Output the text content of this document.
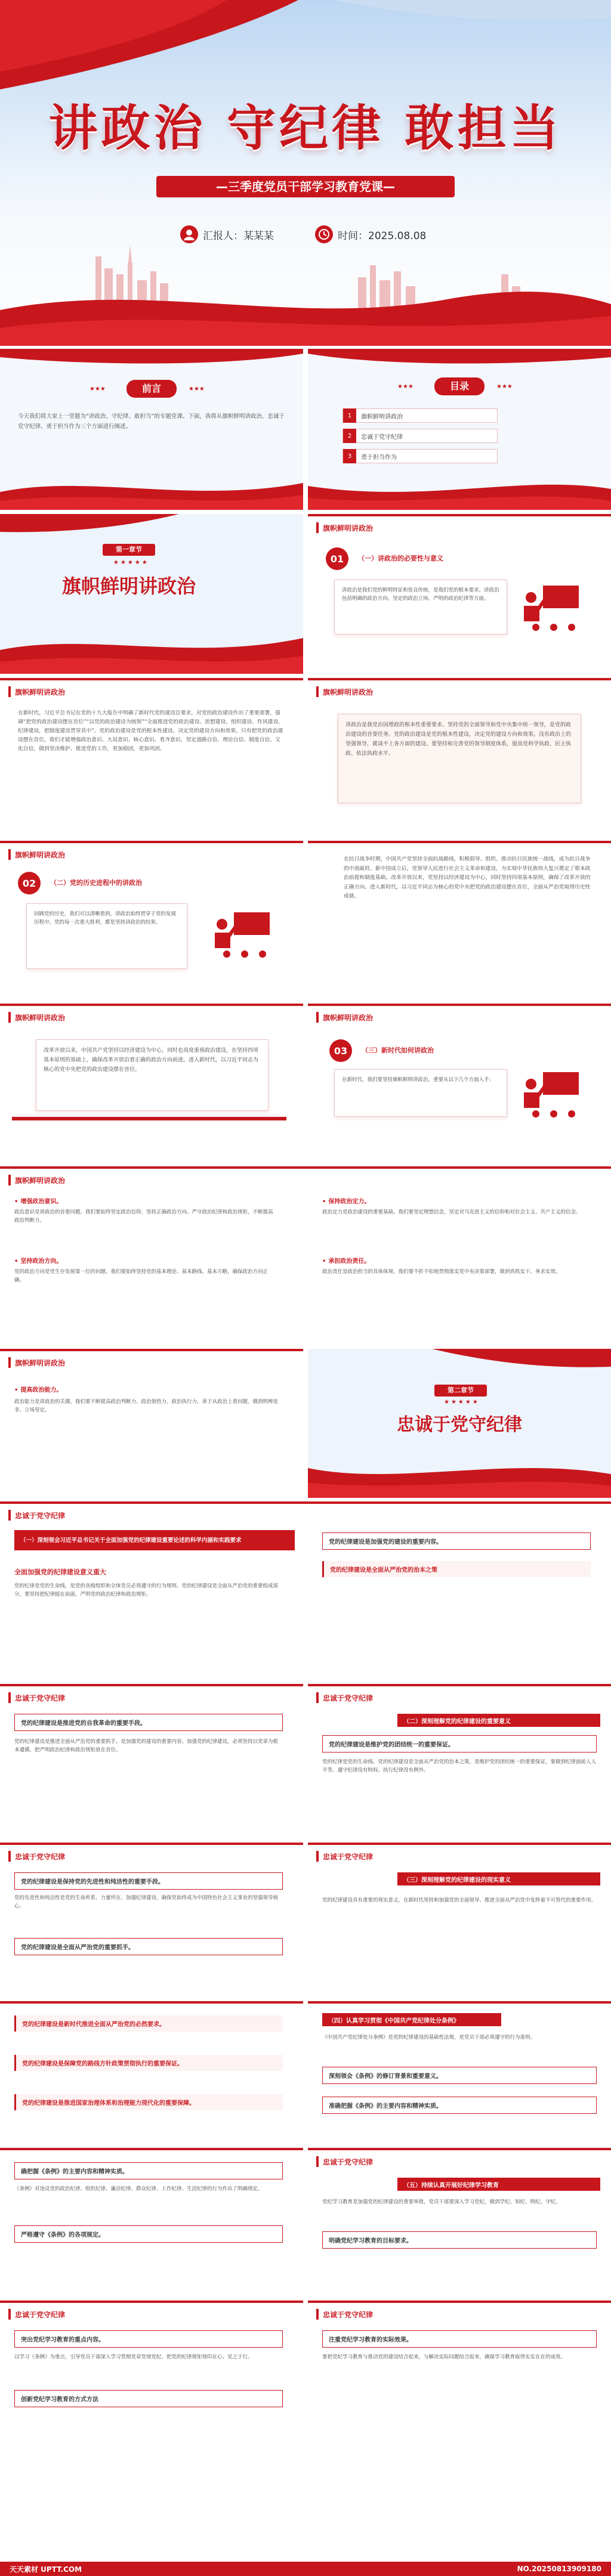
讲政治 守纪律 敢担当
—三季度党员干部学习教育党课—
汇报人：某某某	时间：2025.08.08
★★★	前言	★★★
今天我们将大家上一堂题为“讲政治、守纪律、敢担当”的专题党课。下面，我将从旗帜鲜明讲政治、忠诚于党守纪律、勇于担当作为三个方面进行阐述。
★★★	目录	★★★
1	旗帜鲜明讲政治
2	忠诚于党守纪律
3	勇于担当作为
第一章节
★★★★★
旗帜鲜明讲政治
旗帜鲜明讲政治
01	（一）讲政治的必要性与意义
讲政治是我们党的鲜明特征和优良传统，是我们党的根本要求。讲政治包括明确的政治方向、坚定的政治立场、严明的政治纪律等方面。
旗帜鲜明讲政治
在新时代，习近平总书记在党的十九大报告中明确了新时代党的建设总要求，对党的政治建设作出了重要部署，强调“把党的政治建设摆在首位”“以党的政治建设为统领”“全面推进党的政治建设、思想建设、组织建设、作风建设、纪律建设，把制度建设贯穿其中”。党的政治建设是党的根本性建设，决定党的建设方向和效果。只有把党的政治建设摆在首位，我们才能增强政治意识、大局意识、核心意识、看齐意识，坚定道路自信、理论自信、制度自信、文化自信，做到坚决维护、推进党的工作，更加稳固，更加巩固。
旗帜鲜明讲政治
讲政治是我党治国理政的根本性重要要求。坚持党的全面领导和党中央集中统一领导，是党的政治建设的首要任务。党的政治建设是党的根本性建设，决定党的建设方向和效果。没有政治上的坚强领导，就谈不上各方面的建设。要坚持和完善党的领导制度体系，提高党科学执政、民主执政、依法执政水平。
旗帜鲜明讲政治
02	（二）党的历史进程中的讲政治
回顾党的历史，我们可以清晰看到，讲政治始终贯穿于党的发展历程中。党的每一次重大胜利，都是坚持讲政治的结果。
在抗日战争时期，中国共产党坚持全面抗战路线，积极倡导、组织、推动抗日民族统一战线，成为抗日战争的中流砥柱。新中国成立后，党领导人民进行社会主义革命和建设，为实现中华民族伟大复兴奠定了根本政治前提和制度基础。改革开放以来，党坚持以经济建设为中心，同时坚持四项基本原则，确保了改革开放的正确方向。进入新时代，以习近平同志为核心的党中央把党的政治建设摆在首位，全面从严治党取得历史性成就。
旗帜鲜明讲政治
改革开放以来，中国共产党坚持以经济建设为中心，同时也高度重视政治建设，在坚持四项基本原则的基础上，确保改革开放沿着正确的政治方向前进。进入新时代，以习近平同志为核心的党中央把党的政治建设摆在首位。
旗帜鲜明讲政治
03	（三）新时代如何讲政治
在新时代，我们要坚持旗帜鲜明讲政治，重要从以下几个方面入手：
旗帜鲜明讲政治
• 增强政治意识。
政治意识是讲政治的首要问题。我们要始终坚定政治信仰，坚持正确政治方向。严守政治纪律和政治规矩，不断提高政治判断力。
• 保持政治定力。
政治定力是政治建设的重要基础。我们要坚定理想信念，坚定对马克思主义的信仰和对社会主义、共产主义的信念。
• 坚持政治方向。
党的政治方向是党生存发展第一位的问题。我们要始终坚持党的基本理论、基本路线、基本方略，确保政治方向正确。
• 承担政治责任。
政治责任是政治担当的具体体现。我们要不折不扣地贯彻落实党中央决策部署，做到真抓实干、务求实效。
旗帜鲜明讲政治
• 提高政治能力。
政治能力是讲政治的关键。我们要不断提高政治判断力、政治领悟力、政治执行力，善于从政治上看问题，做到明辨是非、立场坚定。
第二章节
★★★★★
忠诚于党守纪律
忠诚于党守纪律
（一）深刻领会习近平总书记关于全面加强党的纪律建设重要论述的科学内涵和实践要求	党的纪律建设是加强党的建设的重要内容。
党的纪律建设是全面从严治党的治本之策
全面加强党的纪律建设意义重大
党的纪律是党的生命线，是党的各级组织和全体党员必须遵守的行为规则。党的纪律建设是全面从严治党的重要组成部分，要坚持把纪律挺在前面，严明党的政治纪律和政治规矩。
忠诚于党守纪律
党的纪律建设是推进党的自我革命的重要手段。
党的纪律建设是推进全面从严治党的重要抓手，是加强党的建设的重要内容。加强党的纪律建设，必须坚持以党章为根本遵循，把严明政治纪律和政治规矩放在首位。
忠诚于党守纪律
（二）深刻理解党的纪律建设的重要意义
党的纪律建设是维护党的团结统一的重要保证。
党的纪律是党的生命线。党的纪律建设是全面从严治党的治本之策，是维护党的团结统一的重要保证，要做到纪律面前人人平等、遵守纪律没有特权、执行纪律没有例外。
忠诚于党守纪律
党的纪律建设是保持党的先进性和纯洁性的重要手段。
党的先进性和纯洁性是党的生命所系、力量所在。加强纪律建设，确保党始终成为中国特色社会主义事业的坚强领导核心。
党的纪律建设是全面从严治党的重要抓手。
忠诚于党守纪律
（三）深刻理解党的纪律建设的现实意义
党的纪律建设具有重要的现实意义，在新时代坚持和加强党的全面领导、推进全面从严治党中发挥着不可替代的重要作用。
党的纪律建设是新时代推进全面从严治党的必然要求。
党的纪律建设是保障党的路线方针政策贯彻执行的重要保证。
党的纪律建设是推进国家治理体系和治理能力现代化的重要保障。
（四）认真学习贯彻《中国共产党纪律处分条例》
《中国共产党纪律处分条例》是党的纪律建设的基础性法规，是党员干部必须遵守的行为准则。
深刻领会《条例》的修订背景和重要意义。
准确把握《条例》的主要内容和精神实质。
确把握《条例》的主要内容和精神实质。
《条例》对违反党的政治纪律、组织纪律、廉洁纪律、群众纪律、工作纪律、生活纪律的行为作出了明确规定。
严格遵守《条例》的各项规定。
忠诚于党守纪律
（五）持续认真开展好纪律学习教育
党纪学习教育是加强党的纪律建设的重要举措，党员干部要深入学习党纪，做到学纪、知纪、明纪、守纪。
明确党纪学习教育的目标要求。
忠诚于党守纪律
突出党纪学习教育的重点内容。
以学习《条例》为重点，引导党员干部深入学习贯彻党章党规党纪，把党的纪律规矩刻印在心、见之于行。
创新党纪学习教育的方式方法
忠诚于党守纪律
注重党纪学习教育的实际效果。
要把党纪学习教育与推动党的建设结合起来，与解决实际问题结合起来，确保学习教育取得实实在在的成效。
天天素材 UPTT.COM	NO.20250813909180
